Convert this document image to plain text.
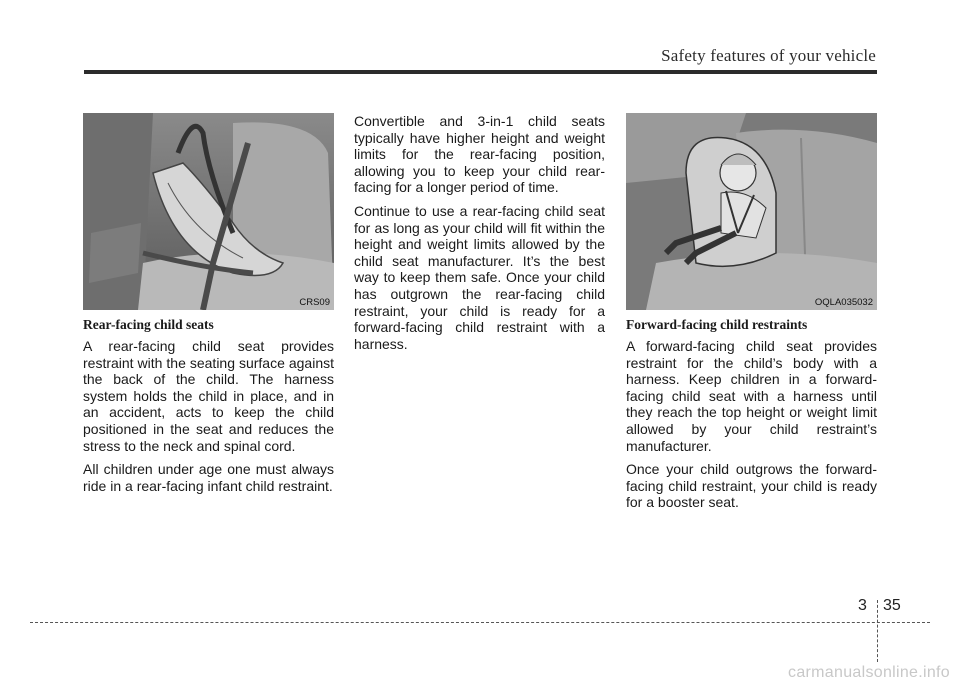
Safety features of your vehicle
CRS09
Rear-facing child seats

A rear-facing child seat provides restraint with the seating surface against the back of the child. The harness system holds the child in place, and in an accident, acts to keep the child positioned in the seat and reduces the stress to the neck and spinal cord.

All children under age one must always ride in a rear-facing infant child restraint.

Convertible and 3-in-1 child seats typically have higher height and weight limits for the rear-facing position, allowing you to keep your child rear-facing for a longer period of time.

Continue to use a rear-facing child seat for as long as your child will fit within the height and weight limits allowed by the child seat manufacturer. It’s the best way to keep them safe. Once your child has outgrown the rear-facing child restraint, your child is ready for a forward-facing child restraint with a harness.

OQLA035032
Forward-facing child restraints

A forward-facing child seat provides restraint for the child’s body with a harness. Keep children in a forward-facing child seat with a harness until they reach the top height or weight limit allowed by your child restraint’s manufacturer.

Once your child outgrows the forward-facing child restraint, your child is ready for a booster seat.

3 35
carmanualsonline.info
